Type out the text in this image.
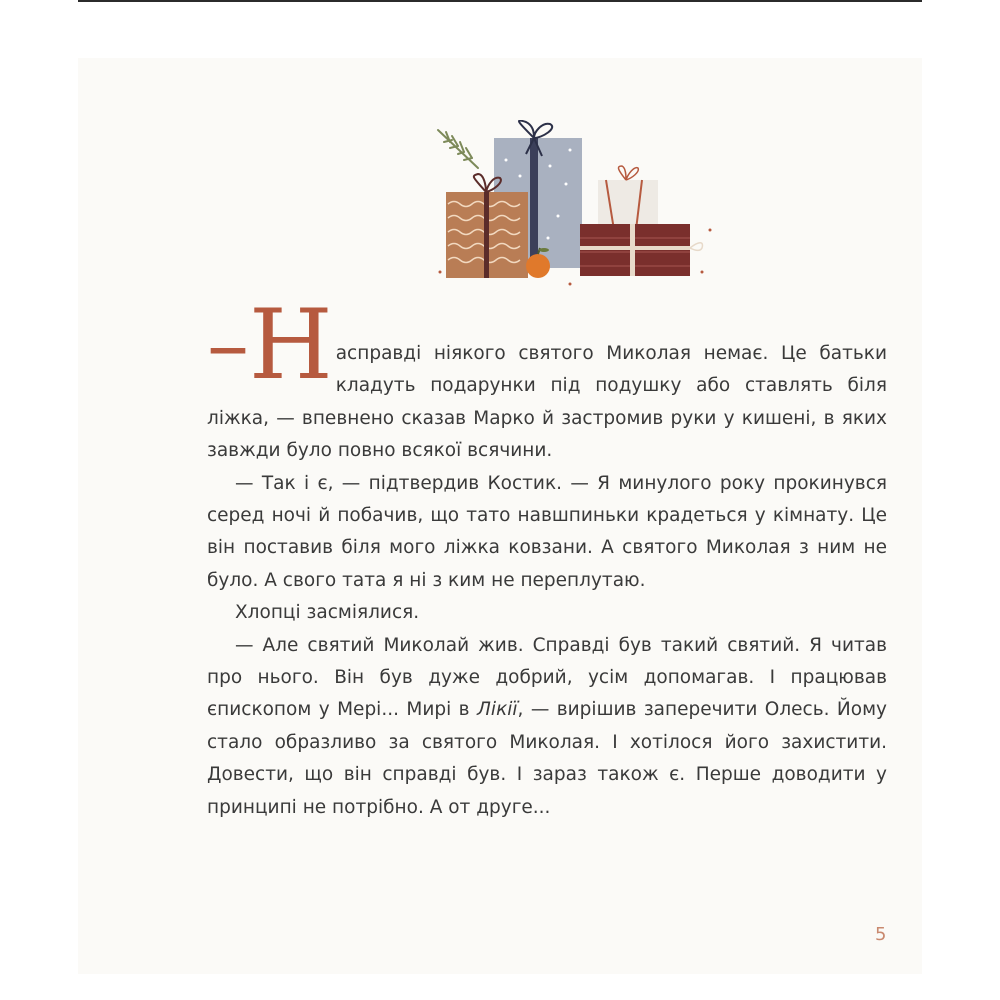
– Н асправді ніякого святого Миколая немає. Це батьки кладуть подарунки під подушку або ставлять біля ліжка, — впевнено сказав Марко й застромив руки у кишені, в яких завжди було повно всякої всячини.

— Так і є, — підтвердив Костик. — Я минулого року прокинувся серед ночі й побачив, що тато навшпиньки крадеться у кімнату. Це він поставив біля мого ліжка ковзани. А святого Миколая з ним не було. А свого тата я ні з ким не переплутаю.

Хлопці засміялися.

— Але святий Миколай жив. Справді був такий святий. Я читав про нього. Він був дуже добрий, усім допомагав. І працював єпископом у Мері... Мирі в Лікії, — вирішив заперечити Олесь. Йому стало образливо за святого Миколая. І хотілося його захистити. Довести, що він справді був. І зараз також є. Перше доводити у принципі не потрібно. А от друге...

5
